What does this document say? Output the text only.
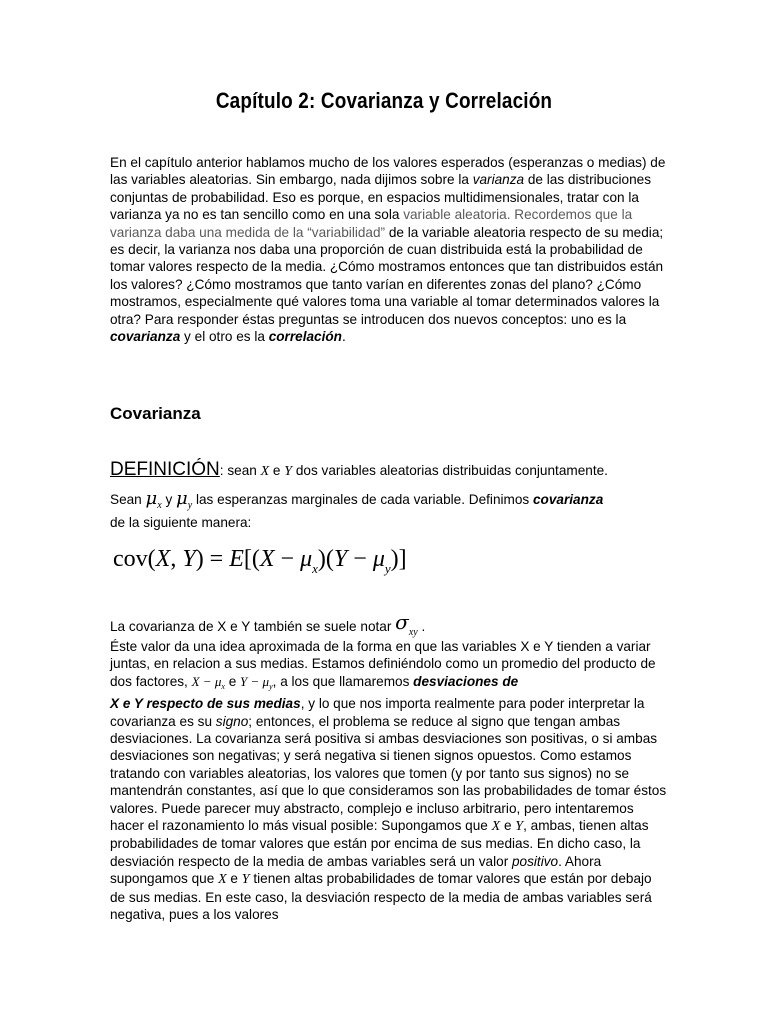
Capítulo 2: Covarianza y Correlación

En el capítulo anterior hablamos mucho de los valores esperados (esperanzas o medias) de las variables aleatorias. Sin embargo, nada dijimos sobre la varianza de las distribuciones conjuntas de probabilidad. Eso es porque, en espacios multidimensionales, tratar con la varianza ya no es tan sencillo como en una sola variable aleatoria. Recordemos que la varianza daba una medida de la “variabilidad” de la variable aleatoria respecto de su media; es decir, la varianza nos daba una proporción de cuan distribuida está la probabilidad de tomar valores respecto de la media. ¿Cómo mostramos entonces que tan distribuidos están los valores? ¿Cómo mostramos que tanto varían en diferentes zonas del plano? ¿Cómo mostramos, especialmente qué valores toma una variable al tomar determinados valores la otra? Para responder éstas preguntas se introducen dos nuevos conceptos: uno es la covarianza y el otro es la correlación.

Covarianza
DEFINICIÓN: sean X e Y dos variables aleatorias distribuidas conjuntamente.
Sean $\mu_x$ y $\mu_y$ las esperanzas marginales de cada variable. Definimos covarianza
de la siguiente manera:
cov(X, $Y) = E[(X - \mu_x)(Y - \mu_y)]$
La covarianza de X e Y también se suele notar $\sigma_{xy}$ .

Éste valor da una idea aproximada de la forma en que las variables X e Y tienden a variar juntas, en relacion a sus medias. Estamos definiéndolo como un promedio del producto de dos factores, $X - \mu_x$ e $Y - \mu_y$, a los que llamaremos desviaciones de
X e Y respecto de sus medias, y lo que nos importa realmente para poder interpretar la covarianza es su signo; entonces, el problema se reduce al signo que tengan ambas desviaciones. La covarianza será positiva si ambas desviaciones son positivas, o si ambas desviaciones son negativas; y será negativa si tienen signos opuestos. Como estamos tratando con variables aleatorias, los valores que tomen (y por tanto sus signos) no se mantendrán constantes, así que lo que consideramos son las probabilidades de tomar éstos valores. Puede parecer muy abstracto, complejo e incluso arbitrario, pero intentaremos hacer el razonamiento lo más visual posible: Supongamos que X e Y, ambas, tienen altas probabilidades de tomar valores que están por encima de sus medias. En dicho caso, la desviación respecto de la media de ambas variables será un valor positivo. Ahora supongamos que X e Y tienen altas probabilidades de tomar valores que están por debajo de sus medias. En este caso, la desviación respecto de la media de ambas variables será negativa, pues a los valores
